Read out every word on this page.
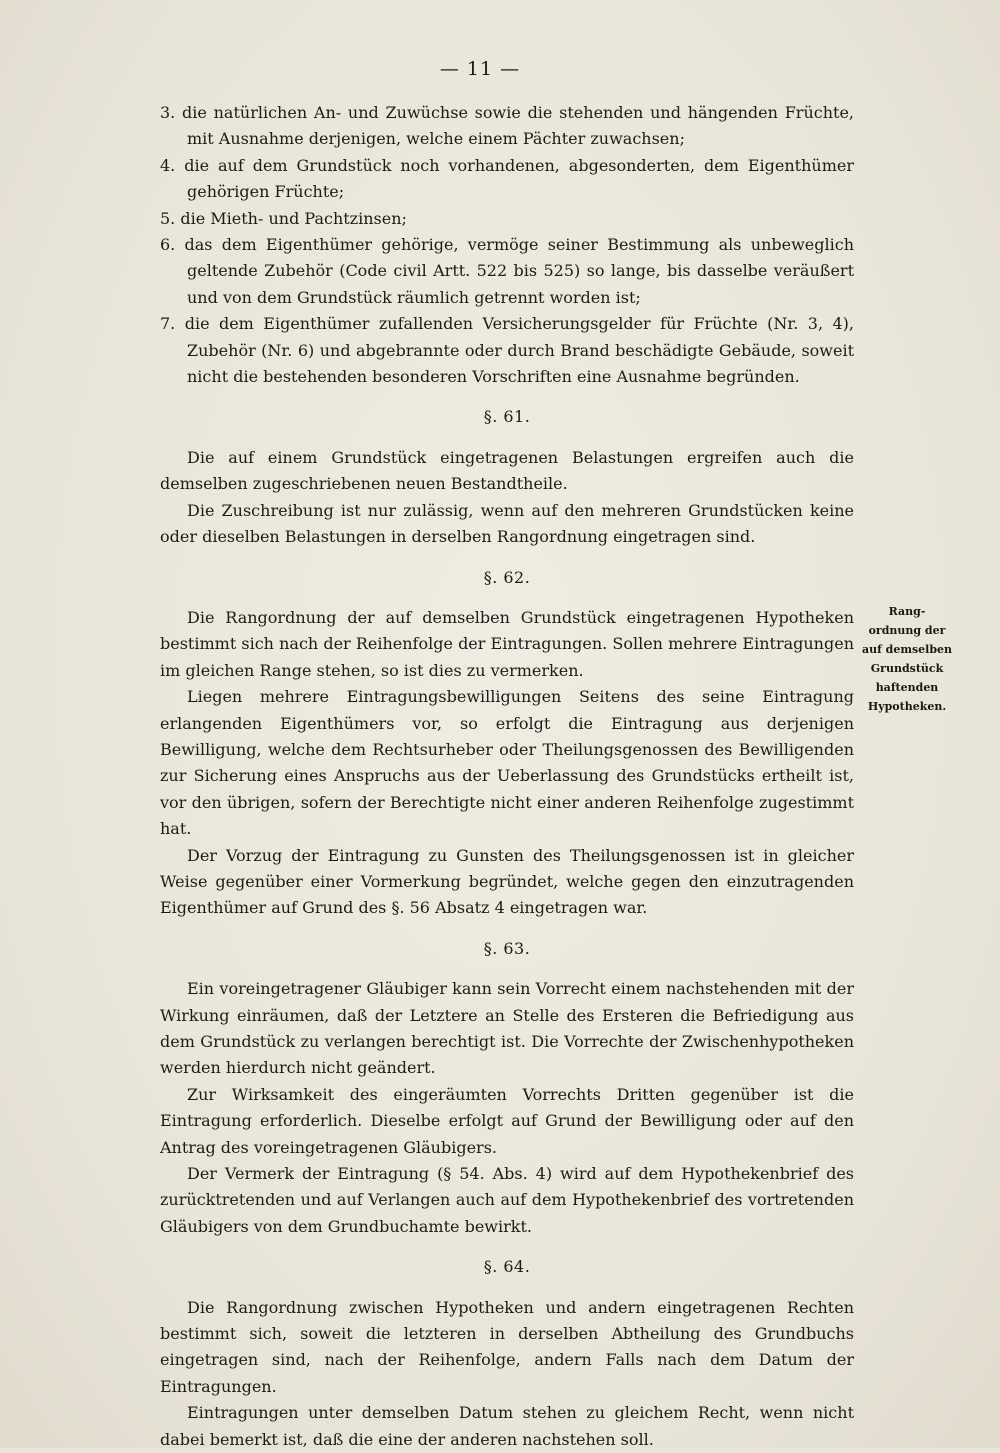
— 11 —

3. die natürlichen An- und Zuwüchse sowie die stehenden und hängenden Früchte, mit Ausnahme derjenigen, welche einem Pächter zuwachsen;

4. die auf dem Grundstück noch vorhandenen, abgesonderten, dem Eigenthümer gehörigen Früchte;

5. die Mieth- und Pachtzinsen;

6. das dem Eigenthümer gehörige, vermöge seiner Bestimmung als unbeweglich geltende Zubehör (Code civil Artt. 522 bis 525) so lange, bis dasselbe veräußert und von dem Grundstück räumlich getrennt worden ist;

7. die dem Eigenthümer zufallenden Versicherungsgelder für Früchte (Nr. 3, 4), Zubehör (Nr. 6) und abgebrannte oder durch Brand beschädigte Gebäude, soweit nicht die bestehenden besonderen Vorschriften eine Ausnahme begründen.

§. 61.

Die auf einem Grundstück eingetragenen Belastungen ergreifen auch die demselben zugeschriebenen neuen Bestandtheile.

Die Zuschreibung ist nur zulässig, wenn auf den mehreren Grundstücken keine oder dieselben Belastungen in derselben Rangordnung eingetragen sind.

§. 62.

Die Rangordnung der auf demselben Grundstück eingetragenen Hypotheken bestimmt sich nach der Reihenfolge der Eintragungen. Sollen mehrere Eintragungen im gleichen Range stehen, so ist dies zu vermerken.

Liegen mehrere Eintragungsbewilligungen Seitens des seine Eintragung erlangenden Eigenthümers vor, so erfolgt die Eintragung aus derjenigen Bewilligung, welche dem Rechtsurheber oder Theilungsgenossen des Bewilligenden zur Sicherung eines Anspruchs aus der Ueberlassung des Grundstücks ertheilt ist, vor den übrigen, sofern der Berechtigte nicht einer anderen Reihenfolge zugestimmt hat.

Der Vorzug der Eintragung zu Gunsten des Theilungsgenossen ist in gleicher Weise gegenüber einer Vormerkung begründet, welche gegen den einzutragenden Eigenthümer auf Grund des §. 56 Absatz 4 eingetragen war.

§. 63.

Ein voreingetragener Gläubiger kann sein Vorrecht einem nachstehenden mit der Wirkung einräumen, daß der Letztere an Stelle des Ersteren die Befriedigung aus dem Grundstück zu verlangen berechtigt ist. Die Vorrechte der Zwischenhypotheken werden hierdurch nicht geändert.

Zur Wirksamkeit des eingeräumten Vorrechts Dritten gegenüber ist die Eintragung erforderlich. Dieselbe erfolgt auf Grund der Bewilligung oder auf den Antrag des voreingetragenen Gläubigers.

Der Vermerk der Eintragung (§ 54. Abs. 4) wird auf dem Hypothekenbrief des zurücktretenden und auf Verlangen auch auf dem Hypothekenbrief des vortretenden Gläubigers von dem Grundbuchamte bewirkt.

§. 64.

Die Rangordnung zwischen Hypotheken und andern eingetragenen Rechten bestimmt sich, soweit die letzteren in derselben Abtheilung des Grundbuchs eingetragen sind, nach der Reihenfolge, andern Falls nach dem Datum der Eintragungen.

Eintragungen unter demselben Datum stehen zu gleichem Recht, wenn nicht dabei bemerkt ist, daß die eine der anderen nachstehen soll.

Rang-
ordnung der
auf demselben
Grundstück
haftenden
Hypotheken.
